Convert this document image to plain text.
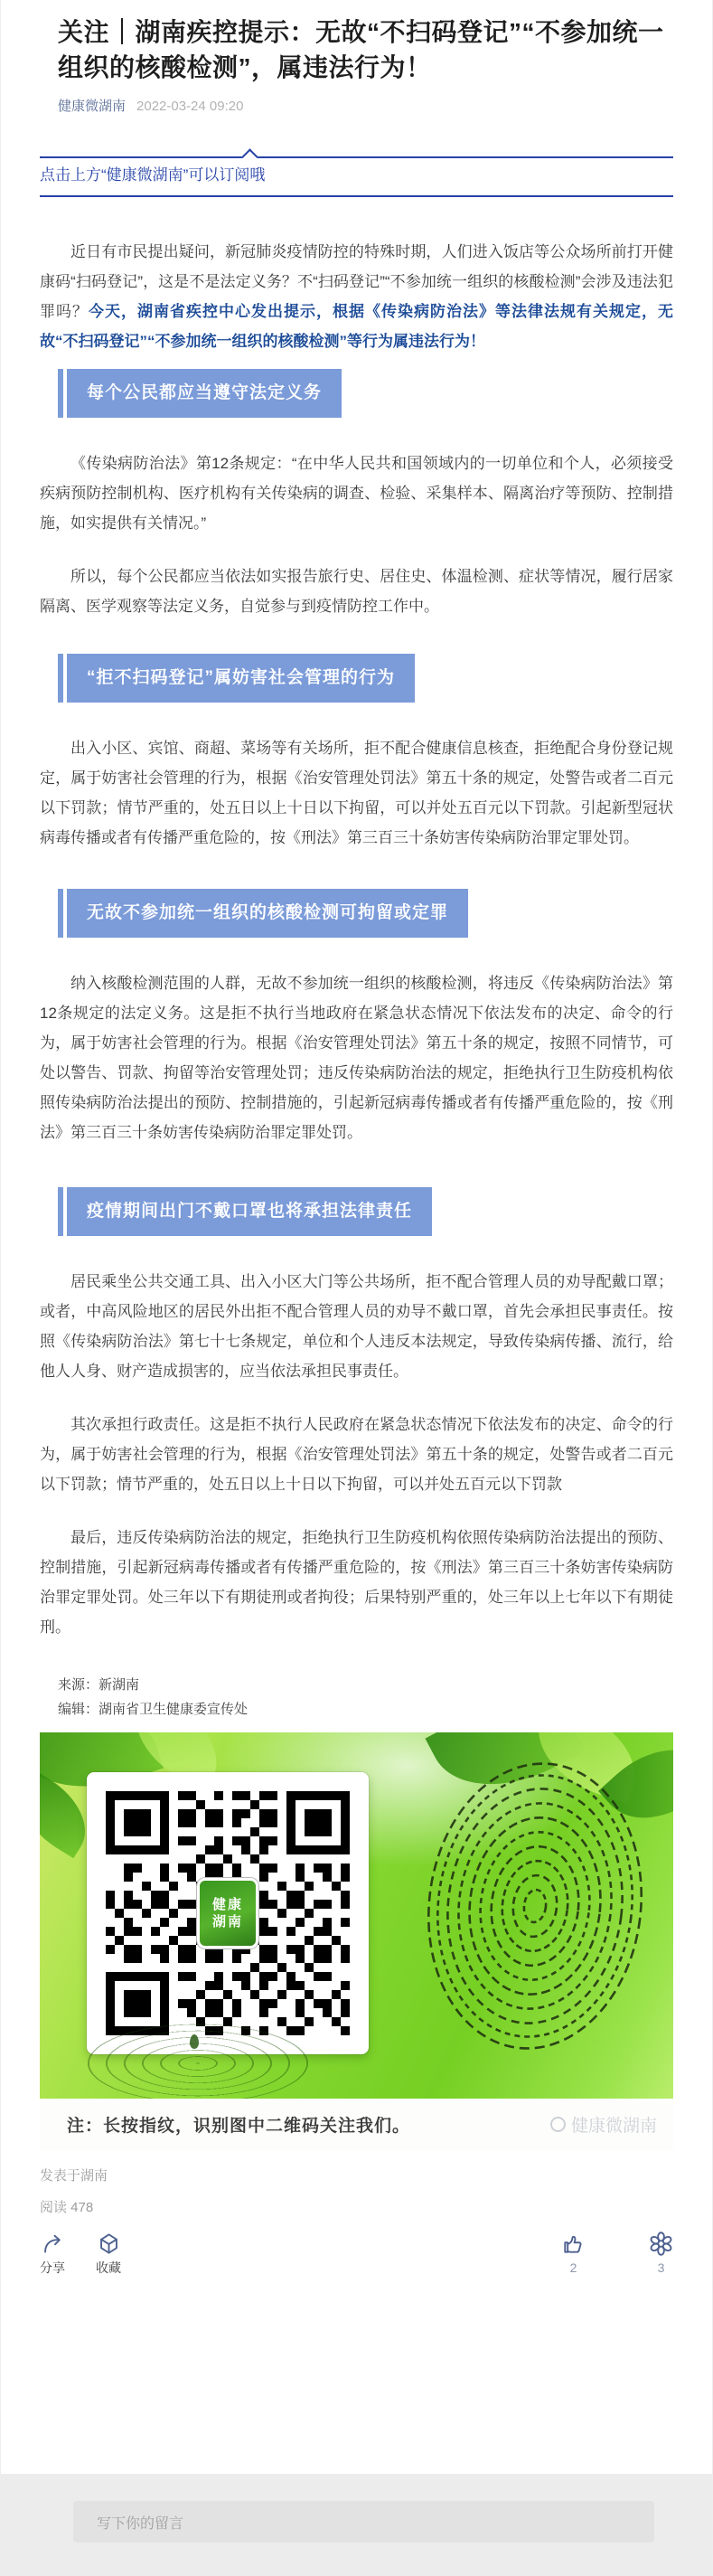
关注｜湖南疾控提示：无故“不扫码登记”“不参加统一组织的核酸检测”，属违法行为！
健康微湖南 2022-03-24 09:20
点击上方“健康微湖南”可以订阅哦

近日有市民提出疑问，新冠肺炎疫情防控的特殊时期，人们进入饭店等公众场所前打开健康码“扫码登记”，这是不是法定义务？不“扫码登记”“不参加统一组织的核酸检测”会涉及违法犯罪吗？今天，湖南省疾控中心发出提示，根据《传染病防治法》等法律法规有关规定，无故“不扫码登记”“不参加统一组织的核酸检测”等行为属违法行为！

每个公民都应当遵守法定义务

《传染病防治法》第12条规定：“在中华人民共和国领域内的一切单位和个人，必须接受疾病预防控制机构、医疗机构有关传染病的调查、检验、采集样本、隔离治疗等预防、控制措施，如实提供有关情况。”

所以，每个公民都应当依法如实报告旅行史、居住史、体温检测、症状等情况，履行居家隔离、医学观察等法定义务，自觉参与到疫情防控工作中。

“拒不扫码登记”属妨害社会管理的行为

出入小区、宾馆、商超、菜场等有关场所，拒不配合健康信息核查，拒绝配合身份登记规定，属于妨害社会管理的行为，根据《治安管理处罚法》第五十条的规定，处警告或者二百元以下罚款；情节严重的，处五日以上十日以下拘留，可以并处五百元以下罚款。引起新型冠状病毒传播或者有传播严重危险的，按《刑法》第三百三十条妨害传染病防治罪定罪处罚。

无故不参加统一组织的核酸检测可拘留或定罪

纳入核酸检测范围的人群，无故不参加统一组织的核酸检测，将违反《传染病防治法》第12条规定的法定义务。这是拒不执行当地政府在紧急状态情况下依法发布的决定、命令的行为，属于妨害社会管理的行为。根据《治安管理处罚法》第五十条的规定，按照不同情节，可处以警告、罚款、拘留等治安管理处罚；违反传染病防治法的规定，拒绝执行卫生防疫机构依照传染病防治法提出的预防、控制措施的，引起新冠病毒传播或者有传播严重危险的，按《刑法》第三百三十条妨害传染病防治罪定罪处罚。

疫情期间出门不戴口罩也将承担法律责任

居民乘坐公共交通工具、出入小区大门等公共场所，拒不配合管理人员的劝导配戴口罩；或者，中高风险地区的居民外出拒不配合管理人员的劝导不戴口罩，首先会承担民事责任。按照《传染病防治法》第七十七条规定，单位和个人违反本法规定，导致传染病传播、流行，给他人人身、财产造成损害的，应当依法承担民事责任。

其次承担行政责任。这是拒不执行人民政府在紧急状态情况下依法发布的决定、命令的行为，属于妨害社会管理的行为，根据《治安管理处罚法》第五十条的规定，处警告或者二百元以下罚款；情节严重的，处五日以上十日以下拘留，可以并处五百元以下罚款

最后，违反传染病防治法的规定，拒绝执行卫生防疫机构依照传染病防治法提出的预防、控制措施，引起新冠病毒传播或者有传播严重危险的，按《刑法》第三百三十条妨害传染病防治罪定罪处罚。处三年以下有期徒刑或者拘役；后果特别严重的，处三年以上七年以下有期徒刑。

来源：新湖南
编辑：湖南省卫生健康委宣传处
健康
湖南
注：长按指纹，识别图中二维码关注我们。	健康微湖南
发表于湖南
阅读 478
分享 收藏	2	3
写下你的留言
